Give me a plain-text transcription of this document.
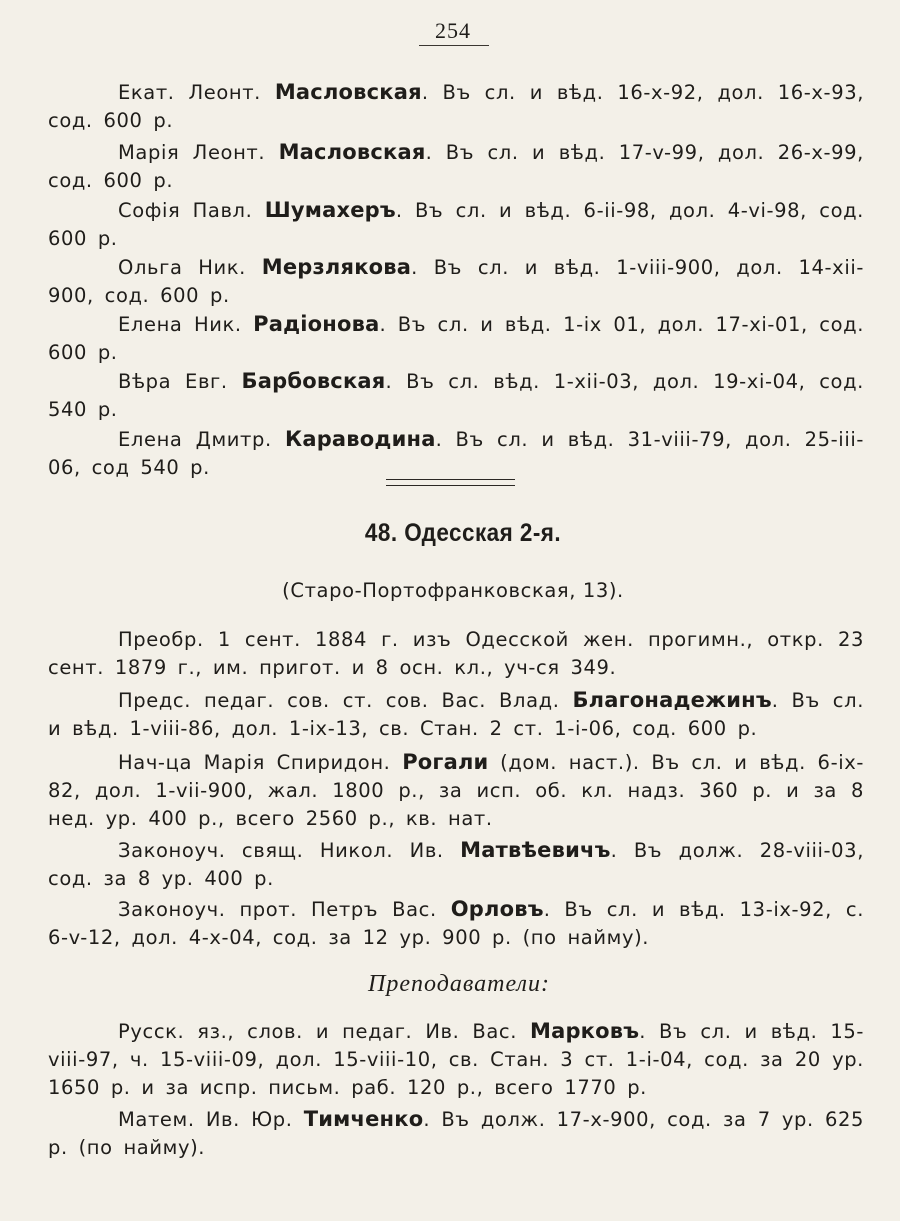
254
Екат. Леонт. Масловская. Въ сл. и вѣд. 16-х-92, дол. 16-х-93, сод. 600 р.
Марія Леонт. Масловская. Въ сл. и вѣд. 17-v-99, дол. 26-х-99, сод. 600 р.
Софія Павл. Шумахеръ. Въ сл. и вѣд. 6-ii-98, дол. 4-vi-98, сод. 600 р.
Ольга Ник. Мерзлякова. Въ сл. и вѣд. 1-viii-900, дол. 14-xii-900, сод. 600 р.
Елена Ник. Радіонова. Въ сл. и вѣд. 1-ix 01, дол. 17-xi-01, сод. 600 р.
Вѣра Евг. Барбовская. Въ сл. вѣд. 1-xii-03, дол. 19-xi-04, сод. 540 р.
Елена Дмитр. Караводина. Въ сл. и вѣд. 31-viii-79, дол. 25-iii-06, сод 540 р.
48. Одесская 2-я.
(Старо-Портофранковская, 13).
Преобр. 1 сент. 1884 г. изъ Одесской жен. прогимн., откр. 23 сент. 1879 г., им. пригот. и 8 осн. кл., уч-ся 349.
Предс. педаг. сов. ст. сов. Вас. Влад. Благонадежинъ. Въ сл. и вѣд. 1-viii-86, дол. 1-ix-13, св. Стан. 2 ст. 1-i-06, сод. 600 р.
Нач-ца Марія Спиридон. Рогали (дом. наст.). Въ сл. и вѣд. 6-ix-82, дол. 1-vii-900, жал. 1800 р., за исп. об. кл. надз. 360 р. и за 8 нед. ур. 400 р., всего 2560 р., кв. нат.
Законоуч. свящ. Никол. Ив. Матвѣевичъ. Въ долж. 28-viii-03, сод. за 8 ур. 400 р.
Законоуч. прот. Петръ Вас. Орловъ. Въ сл. и вѣд. 13-ix-92, с. 6-v-12, дол. 4-х-04, сод. за 12 ур. 900 р. (по найму).
Преподаватели:
Русск. яз., слов. и педаг. Ив. Вас. Марковъ. Въ сл. и вѣд. 15-viii-97, ч. 15-viii-09, дол. 15-viii-10, св. Стан. 3 ст. 1-i-04, сод. за 20 ур. 1650 р. и за испр. письм. раб. 120 р., всего 1770 р.
Матем. Ив. Юр. Тимченко. Въ долж. 17-х-900, сод. за 7 ур. 625 р. (по найму).
